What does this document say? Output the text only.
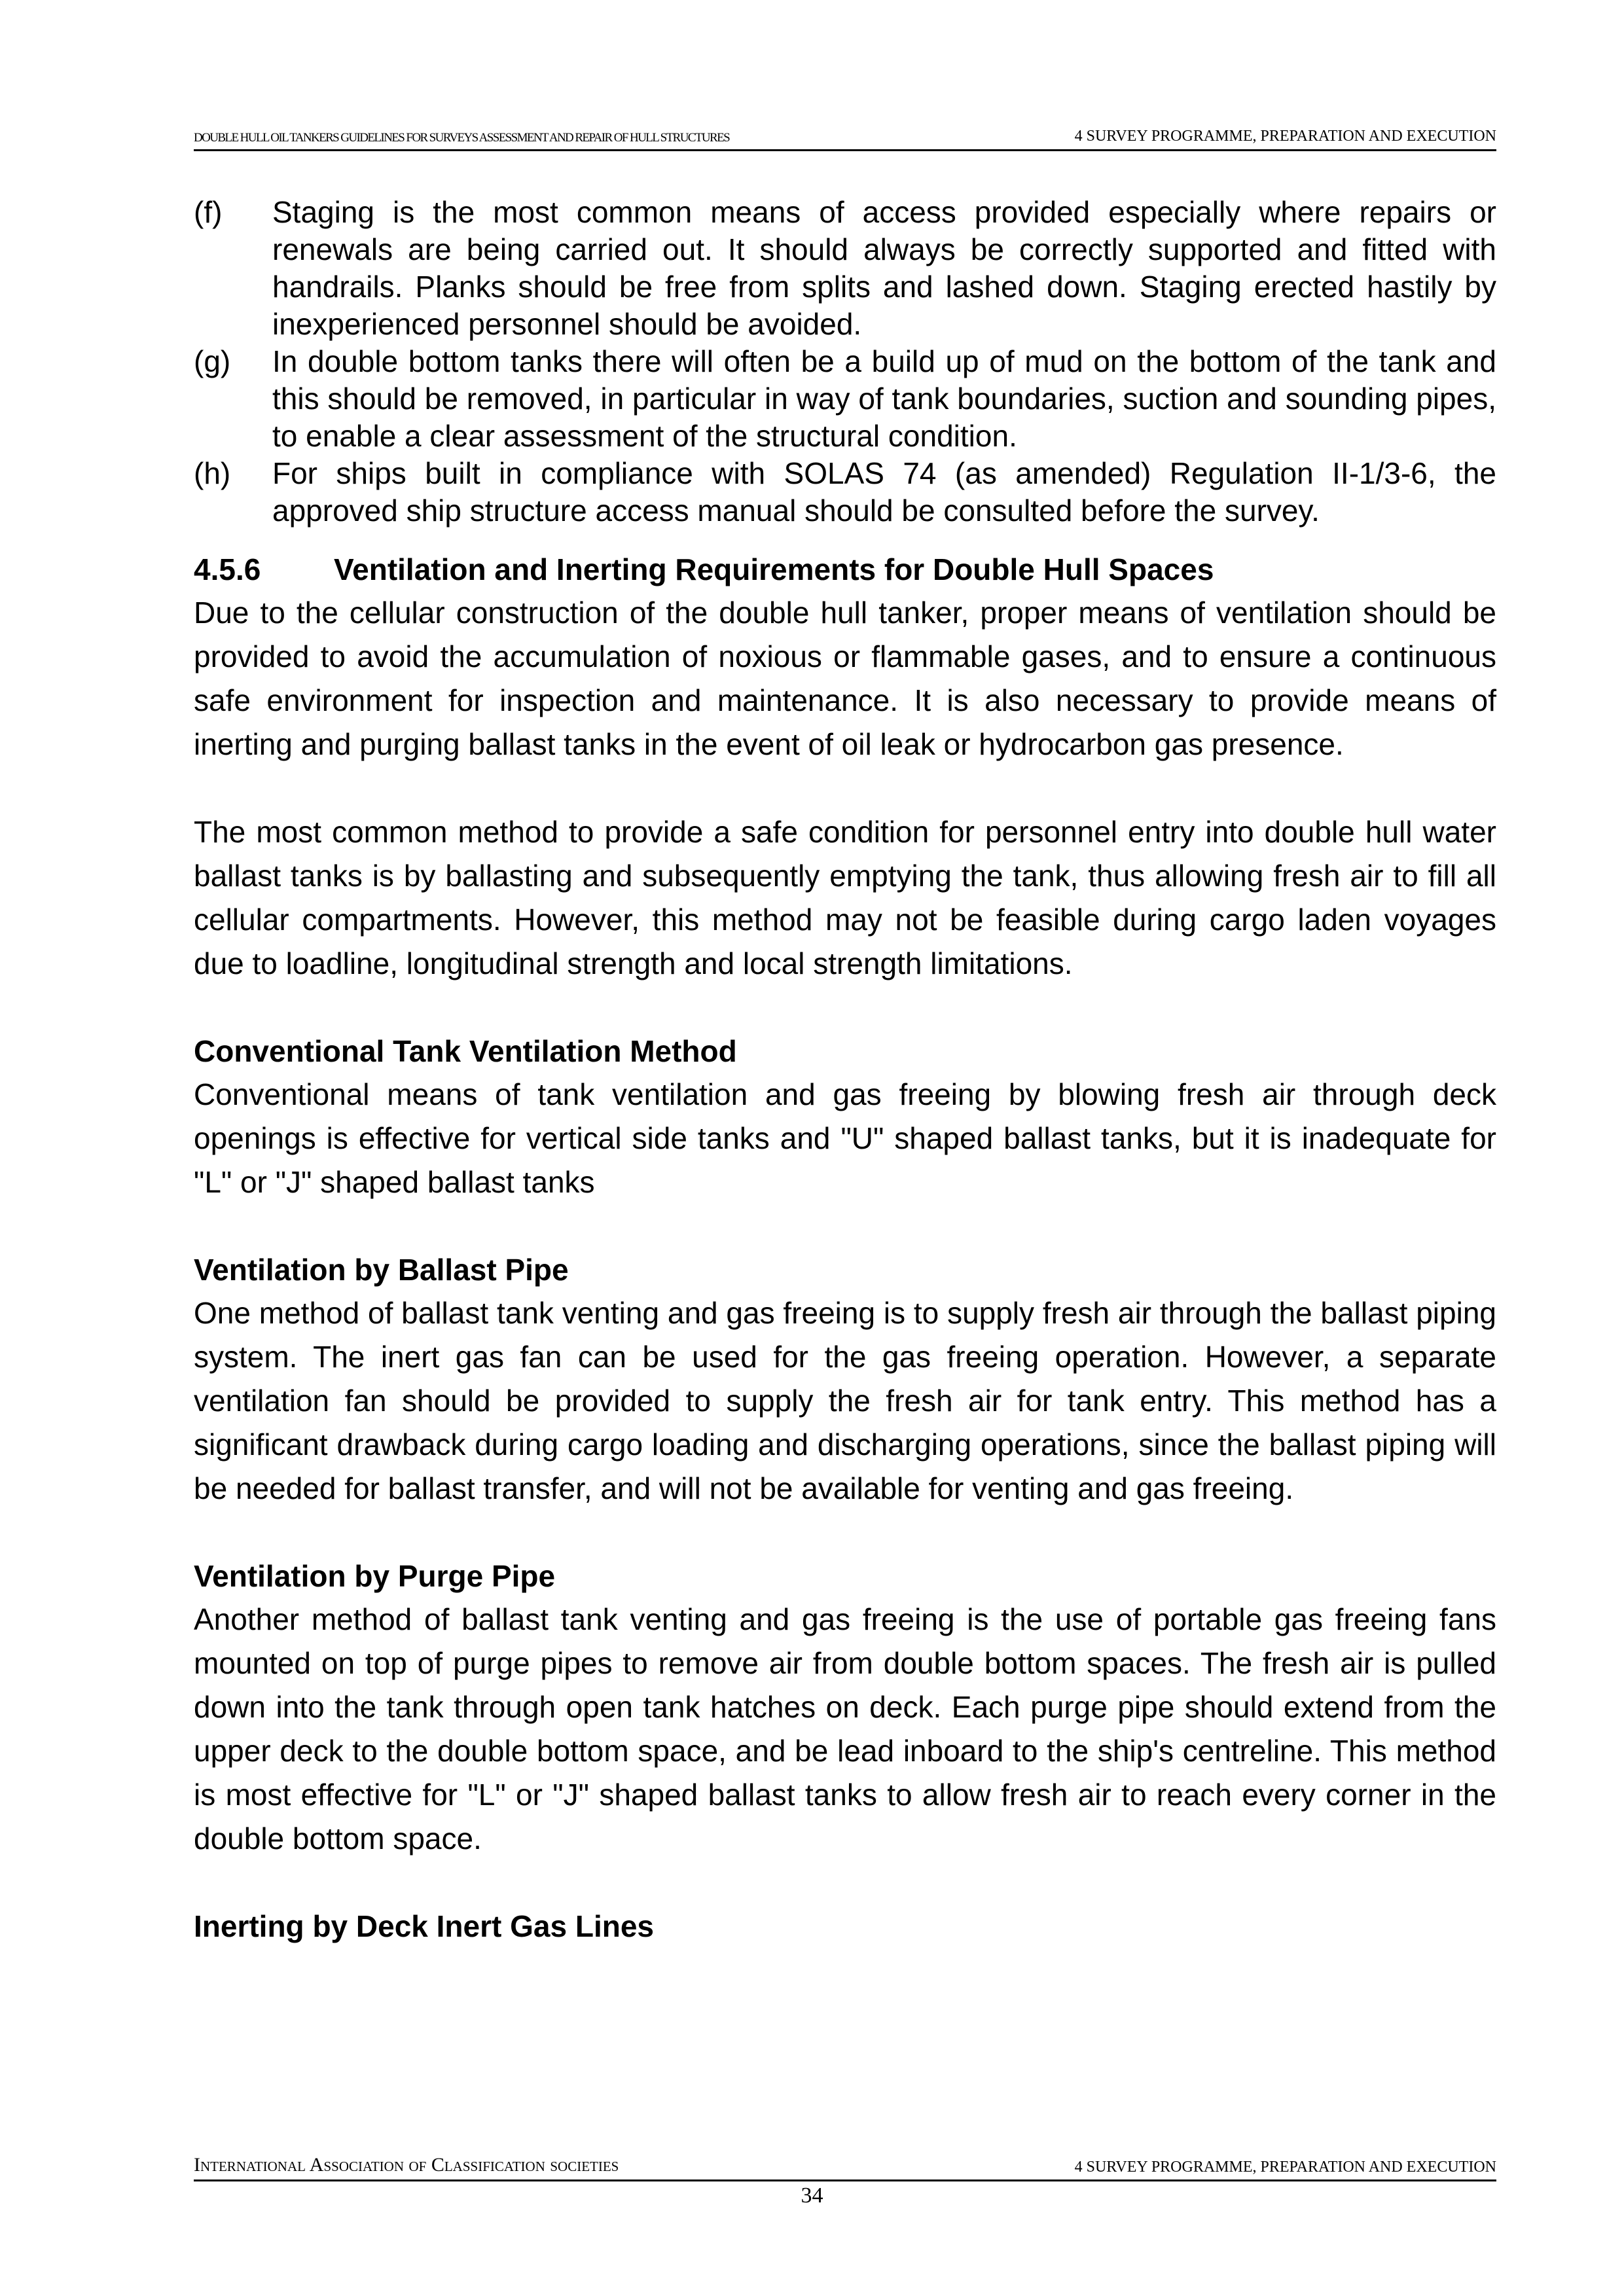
DOUBLE HULL OIL TANKERS GUIDELINES FOR SURVEYS ASSESSMENT AND REPAIR OF HULL STRUCTURES	4 SURVEY PROGRAMME, PREPARATION AND EXECUTION
(f) Staging is the most common means of access provided especially where repairs or renewals are being carried out. It should always be correctly supported and fitted with handrails. Planks should be free from splits and lashed down. Staging erected hastily by inexperienced personnel should be avoided.
(g) In double bottom tanks there will often be a build up of mud on the bottom of the tank and this should be removed, in particular in way of tank boundaries, suction and sounding pipes, to enable a clear assessment of the structural condition.
(h) For ships built in compliance with SOLAS 74 (as amended) Regulation II-1/3-6, the approved ship structure access manual should be consulted before the survey.
4.5.6 Ventilation and Inerting Requirements for Double Hull Spaces
Due to the cellular construction of the double hull tanker, proper means of ventilation should be provided to avoid the accumulation of noxious or flammable gases, and to ensure a continuous safe environment for inspection and maintenance. It is also necessary to provide means of inerting and purging ballast tanks in the event of oil leak or hydrocarbon gas presence.
The most common method to provide a safe condition for personnel entry into double hull water ballast tanks is by ballasting and subsequently emptying the tank, thus allowing fresh air to fill all cellular compartments. However, this method may not be feasible during cargo laden voyages due to loadline, longitudinal strength and local strength limitations.
Conventional Tank Ventilation Method
Conventional means of tank ventilation and gas freeing by blowing fresh air through deck openings is effective for vertical side tanks and "U" shaped ballast tanks, but it is inadequate for "L" or "J" shaped ballast tanks
Ventilation by Ballast Pipe
One method of ballast tank venting and gas freeing is to supply fresh air through the ballast piping system. The inert gas fan can be used for the gas freeing operation. However, a separate ventilation fan should be provided to supply the fresh air for tank entry. This method has a significant drawback during cargo loading and discharging operations, since the ballast piping will be needed for ballast transfer, and will not be available for venting and gas freeing.
Ventilation by Purge Pipe
Another method of ballast tank venting and gas freeing is the use of portable gas freeing fans mounted on top of purge pipes to remove air from double bottom spaces. The fresh air is pulled down into the tank through open tank hatches on deck. Each purge pipe should extend from the upper deck to the double bottom space, and be lead inboard to the ship's centreline. This method is most effective for "L" or "J" shaped ballast tanks to allow fresh air to reach every corner in the double bottom space.
Inerting by Deck Inert Gas Lines
International Association of Classification societies	4 SURVEY PROGRAMME, PREPARATION AND EXECUTION
34
